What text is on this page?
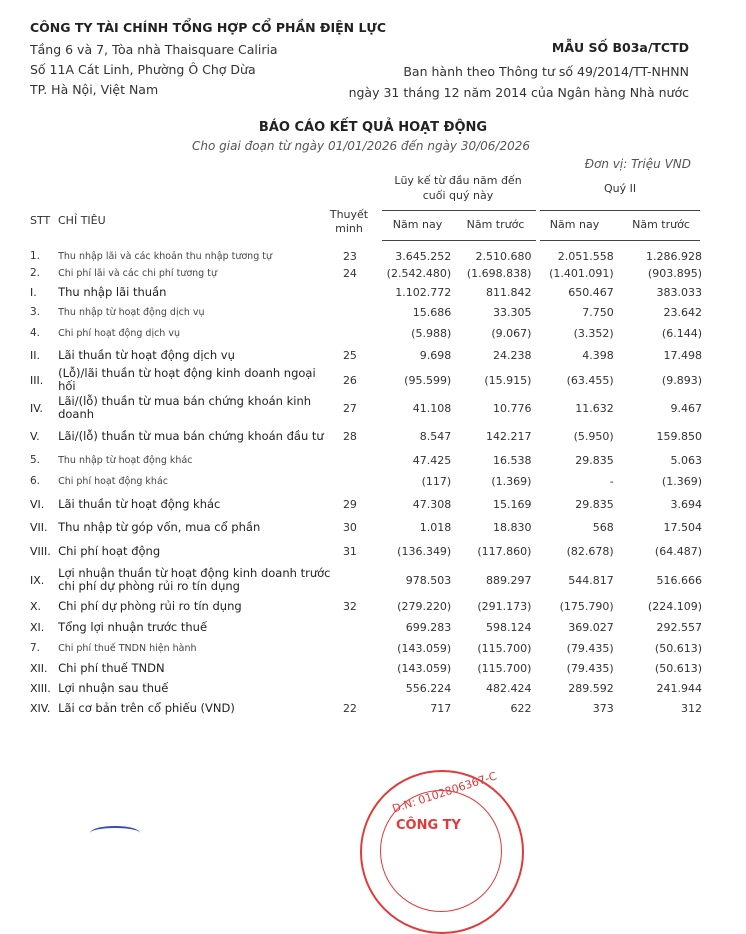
CÔNG TY TÀI CHÍNH TỔNG HỢP CỔ PHẦN ĐIỆN LỰC
Tầng 6 và 7, Tòa nhà Thaisquare Caliria
Số 11A Cát Linh, Phường Ô Chợ Dừa
TP. Hà Nội, Việt Nam
MẪU SỐ B03a/TCTD
Ban hành theo Thông tư số 49/2014/TT-NHNN
ngày 31 tháng 12 năm 2014 của Ngân hàng Nhà nước
BÁO CÁO KẾT QUẢ HOẠT ĐỘNG
Cho giai đoạn từ ngày 01/01/2026 đến ngày 30/06/2026
Đơn vị: Triệu VND
STT CHỈ TIÊU	Thuyết
minh
Lũy kế từ đầu năm đến
cuối quý này
Quý II
Năm nay	Năm trước	Năm nay	Năm trước
1.	Thu nhập lãi và các khoản thu nhập tương tự	23	3.645.252	2.510.680	2.051.558	1.286.928
2.	Chi phí lãi và các chi phí tương tự	24	(2.542.480)	(1.698.838)	(1.401.091)	(903.895)
I.	Thu nhập lãi thuần		1.102.772	811.842	650.467	383.033
3.	Thu nhập từ hoạt động dịch vụ		15.686	33.305	7.750	23.642
4.	Chi phí hoạt động dịch vụ		(5.988)	(9.067)	(3.352)	(6.144)
II.	Lãi thuần từ hoạt động dịch vụ	25	9.698	24.238	4.398	17.498
III.	(Lỗ)/lãi thuần từ hoạt động kinh doanh ngoại hối	26	(95.599)	(15.915)	(63.455)	(9.893)
IV.	Lãi/(lỗ) thuần từ mua bán chứng khoán kinh doanh	27	41.108	10.776	11.632	9.467
V.	Lãi/(lỗ) thuần từ mua bán chứng khoán đầu tư	28	8.547	142.217	(5.950)	159.850
5.	Thu nhập từ hoạt động khác		47.425	16.538	29.835	5.063
6.	Chi phí hoạt động khác		(117)	(1.369)	-	(1.369)
VI.	Lãi thuần từ hoạt động khác	29	47.308	15.169	29.835	3.694
VII.	Thu nhập từ góp vốn, mua cổ phần	30	1.018	18.830	568	17.504
VIII.	Chi phí hoạt động	31	(136.349)	(117.860)	(82.678)	(64.487)
IX.	Lợi nhuận thuần từ hoạt động kinh doanh trước chi phí dự phòng rủi ro tín dụng		978.503	889.297	544.817	516.666
X.	Chi phí dự phòng rủi ro tín dụng	32	(279.220)	(291.173)	(175.790)	(224.109)
XI.	Tổng lợi nhuận trước thuế		699.283	598.124	369.027	292.557
7.	Chi phí thuế TNDN hiện hành		(143.059)	(115.700)	(79.435)	(50.613)
XII.	Chi phí thuế TNDN		(143.059)	(115.700)	(79.435)	(50.613)
XIII.	Lợi nhuận sau thuế		556.224	482.424	289.592	241.944
XIV.	Lãi cơ bản trên cổ phiếu (VND)	22	717	622	373	312
D.N: 0102806367-C
CÔNG TY
